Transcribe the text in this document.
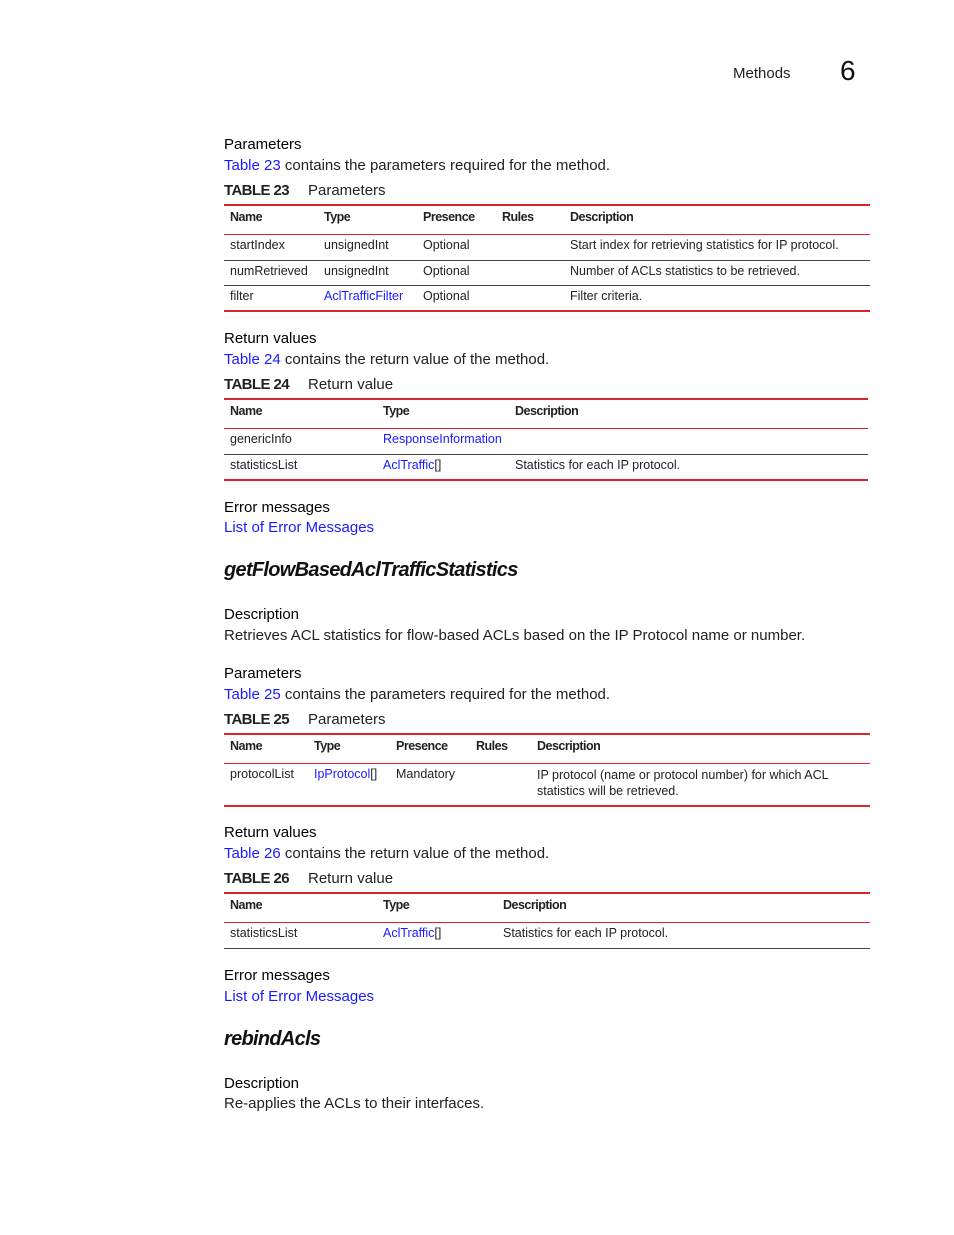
Methods 6
Parameters
Table 23 contains the parameters required for the method.
TABLE 23 Parameters
Name	Type	Presence	Rules	Description
startIndex	unsignedInt	Optional		Start index for retrieving statistics for IP protocol.
numRetrieved	unsignedInt	Optional		Number of ACLs statistics to be retrieved.
filter	AclTrafficFilter	Optional		Filter criteria.
Return values
Table 24 contains the return value of the method.
TABLE 24 Return value
Name	Type	Description
genericInfo	ResponseInformation	
statisticsList	AclTraffic[]	Statistics for each IP protocol.
Error messages
List of Error Messages
getFlowBasedAclTrafficStatistics
Description
Retrieves ACL statistics for flow-based ACLs based on the IP Protocol name or number.
Parameters
Table 25 contains the parameters required for the method.
TABLE 25 Parameters
Name	Type	Presence	Rules	Description
protocolList	IpProtocol[]	Mandatory		IP protocol (name or protocol number) for which ACL
statistics will be retrieved.
Return values
Table 26 contains the return value of the method.
TABLE 26 Return value
Name	Type	Description
statisticsList	AclTraffic[]	Statistics for each IP protocol.
Error messages
List of Error Messages
rebindAcls
Description
Re-applies the ACLs to their interfaces.
